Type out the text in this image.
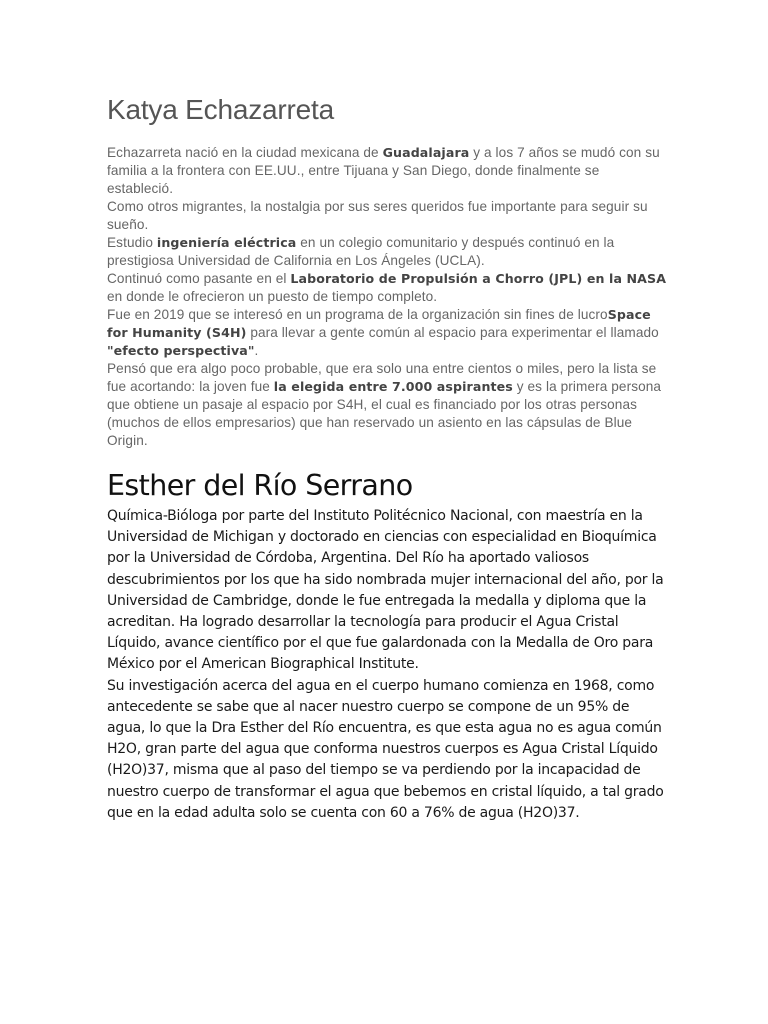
Katya Echazarreta

Echazarreta nació en la ciudad mexicana de Guadalajara y a los 7 años se mudó con su familia a la frontera con EE.UU., entre Tijuana y San Diego, donde finalmente se estableció.

Como otros migrantes, la nostalgia por sus seres queridos fue importante para seguir su sueño.

Estudio ingeniería eléctrica en un colegio comunitario y después continuó en la prestigiosa Universidad de California en Los Ángeles (UCLA).

Continuó como pasante en el Laboratorio de Propulsión a Chorro (JPL) en la NASA en donde le ofrecieron un puesto de tiempo completo.

Fue en 2019 que se interesó en un programa de la organización sin fines de lucroSpace for Humanity (S4H) para llevar a gente común al espacio para experimentar el llamado "efecto perspectiva".

Pensó que era algo poco probable, que era solo una entre cientos o miles, pero la lista se fue acortando: la joven fue la elegida entre 7.000 aspirantes y es la primera persona que obtiene un pasaje al espacio por S4H, el cual es financiado por los otras personas (muchos de ellos empresarios) que han reservado un asiento en las cápsulas de Blue Origin.

Esther del Río Serrano

Química-Bióloga por parte del Instituto Politécnico Nacional, con maestría en la Universidad de Michigan y doctorado en ciencias con especialidad en Bioquímica por la Universidad de Córdoba, Argentina. Del Río ha aportado valiosos descubrimientos por los que ha sido nombrada mujer internacional del año, por la Universidad de Cambridge, donde le fue entregada la medalla y diploma que la acreditan. Ha logrado desarrollar la tecnología para producir el Agua Cristal Líquido, avance científico por el que fue galardonada con la Medalla de Oro para México por el American Biographical Institute.

Su investigación acerca del agua en el cuerpo humano comienza en 1968, como antecedente se sabe que al nacer nuestro cuerpo se compone de un 95% de agua, lo que la Dra Esther del Río encuentra, es que esta agua no es agua común H2O, gran parte del agua que conforma nuestros cuerpos es Agua Cristal Líquido (H2O)37, misma que al paso del tiempo se va perdiendo por la incapacidad de nuestro cuerpo de transformar el agua que bebemos en cristal líquido, a tal grado que en la edad adulta solo se cuenta con 60 a 76% de agua (H2O)37.
